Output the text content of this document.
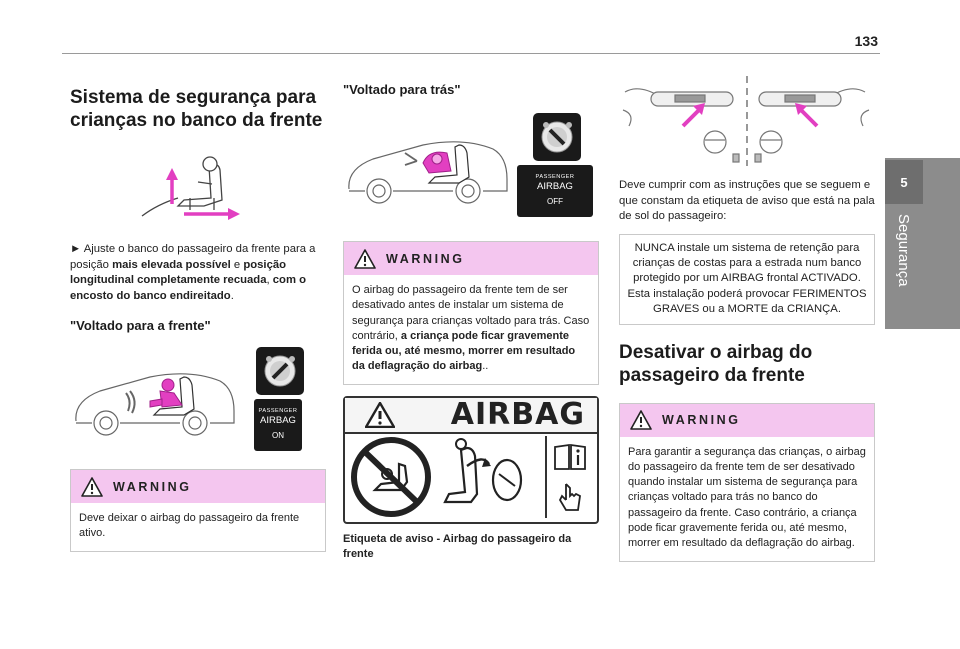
133
5
Segurança
Sistema de segurança para crianças no banco da frente

► Ajuste o banco do passageiro da frente para a posição mais elevada possível e posição longitudinal completamente recuada, com o encosto do banco endireitado.

"Voltado para a frente"
PASSENGER
AIRBAG
ON
WARNING
Deve deixar o airbag do passageiro da frente ativo.
"Voltado para trás"
PASSENGER
AIRBAG
OFF
WARNING
O airbag do passageiro da frente tem de ser desativado antes de instalar um sistema de segurança para crianças voltado para trás. Caso contrário, a criança pode ficar gravemente ferida ou, até mesmo, morrer em resultado da deflagração do airbag..
AIRBAG

Etiqueta de aviso - Airbag do passageiro da frente

Deve cumprir com as instruções que se seguem e que constam da etiqueta de aviso que está na pala de sol do passageiro:

NUNCA instale um sistema de retenção para crianças de costas para a estrada num banco protegido por um AIRBAG frontal ACTIVADO. Esta instalação poderá provocar FERIMENTOS GRAVES ou a MORTE da CRIANÇA.
Desativar o airbag do passageiro da frente
WARNING
Para garantir a segurança das crianças, o airbag do passageiro da frente tem de ser desativado quando instalar um sistema de segurança para crianças voltado para trás no banco do passageiro da frente. Caso contrário, a criança pode ficar gravemente ferida ou, até mesmo, morrer em resultado da deflagração do airbag.
